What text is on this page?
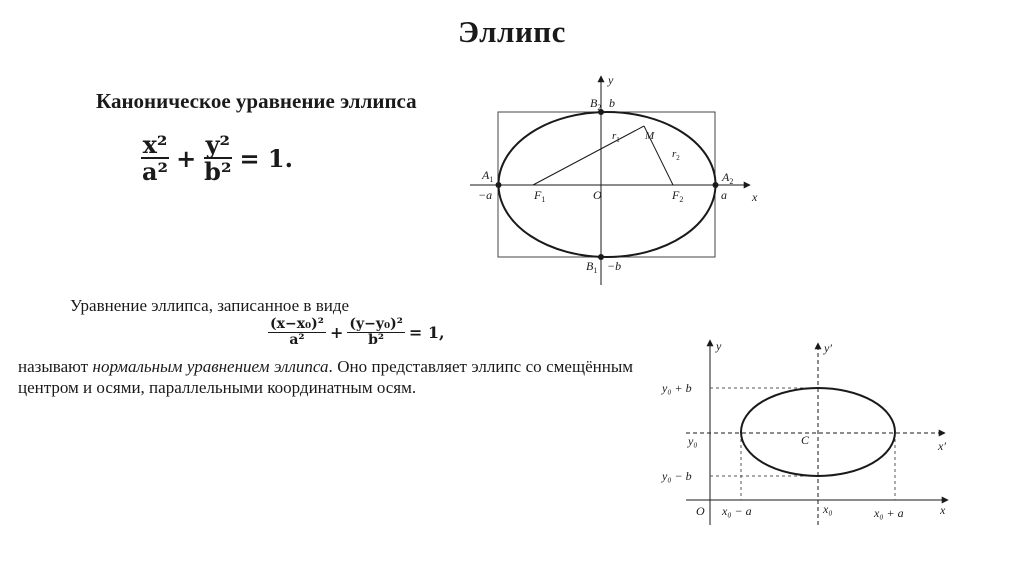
Эллипс
Каноническое уравнение эллипса
$\frac{\text{x²}}{\text{a²}} + \frac{\text{y²}}{\text{b²}} = 1$.
Уравнение эллипса, записанное в виде
$\frac{\text{(x−x₀)²}}{\text{a²}} + \frac{\text{(y−y₀)²}}{\text{b²}} = 1$,
называют нормальным уравнением эллипса. Оно представляет эллипс со смещённым центром и осями, параллельными координатным осям.
y
x
$B_2$ b
$B_1 -b$
$A_1$	$A_2$
−a	a
$F_1$	$F_2$
O
M
$r_1$
$r_2$
y	y′
x′
x
y₀ + b
y₀
y₀ − b
O x₀ − a	x₀	x₀ + a
C
